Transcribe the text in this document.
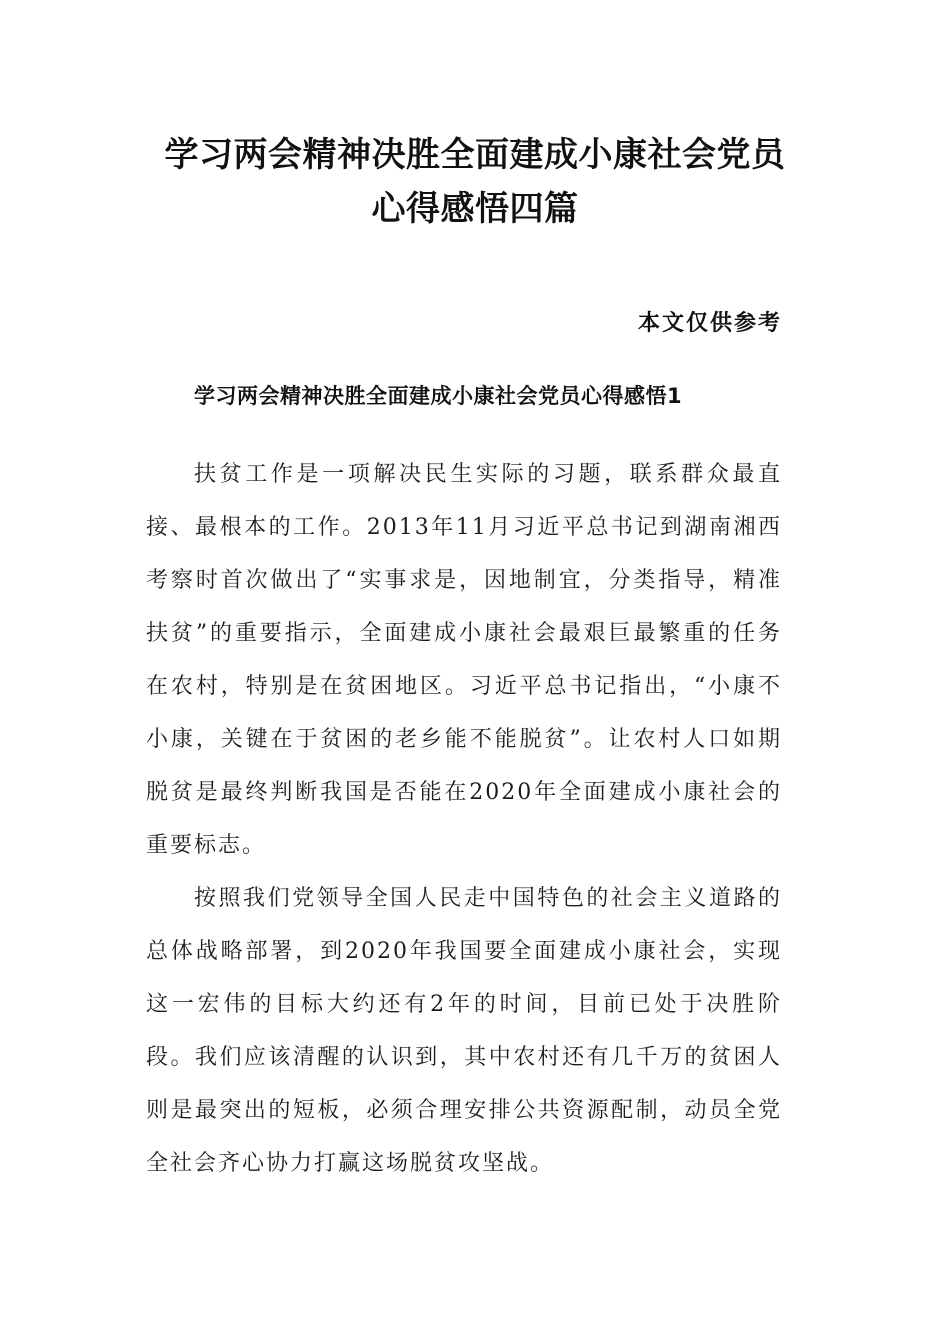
学习两会精神决胜全面建成小康社会党员
心得感悟四篇
本文仅供参考
学习两会精神决胜全面建成小康社会党员心得感悟1

扶贫工作是一项解决民生实际的习题，联系群众最直接、最根本的工作。2013年11月习近平总书记到湖南湘西考察时首次做出了“实事求是，因地制宜，分类指导，精准扶贫”的重要指示，全面建成小康社会最艰巨最繁重的任务在农村，特别是在贫困地区。习近平总书记指出，“小康不小康，关键在于贫困的老乡能不能脱贫”。让农村人口如期脱贫是最终判断我国是否能在2020年全面建成小康社会的重要标志。

按照我们党领导全国人民走中国特色的社会主义道路的总体战略部署，到2020年我国要全面建成小康社会，实现这一宏伟的目标大约还有2年的时间，目前已处于决胜阶段。我们应该清醒的认识到，其中农村还有几千万的贫困人则是最突出的短板，必须合理安排公共资源配制，动员全党全社会齐心协力打赢这场脱贫攻坚战。
